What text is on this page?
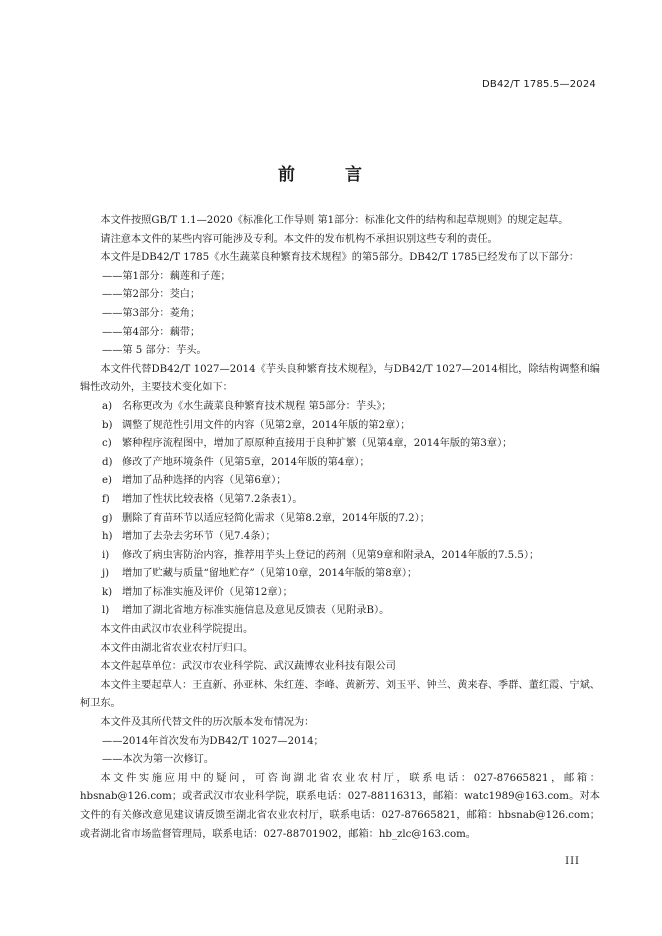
DB42/T 1785.5—2024
前 言

本文件按照GB/T 1.1—2020《标准化工作导则 第1部分：标准化文件的结构和起草规则》的规定起草。

请注意本文件的某些内容可能涉及专利。本文件的发布机构不承担识别这些专利的责任。

本文件是DB42/T 1785《水生蔬菜良种繁育技术规程》的第5部分。DB42/T 1785已经发布了以下部分：

——第1部分：藕莲和子莲；

——第2部分：茭白；

——第3部分：菱角；

——第4部分：藕带；

——第 5 部分：芋头。

本文件代替DB42/T 1027—2014《芋头良种繁育技术规程》，与DB42/T 1027—2014相比，除结构调整和编辑性改动外，主要技术变化如下：

a) 名称更改为《水生蔬菜良种繁育技术规程 第5部分：芋头》；

b) 调整了规范性引用文件的内容（见第2章，2014年版的第2章）；

c) 繁种程序流程图中，增加了原原种直接用于良种扩繁（见第4章，2014年版的第3章）；

d) 修改了产地环境条件（见第5章，2014年版的第4章）；

e) 增加了品种选择的内容（见第6章）；

f) 增加了性状比较表格（见第7.2条表1）。

g) 删除了育苗环节以适应轻简化需求（见第8.2章，2014年版的7.2）；

h) 增加了去杂去劣环节（见7.4条）；

i) 修改了病虫害防治内容，推荐用芋头上登记的药剂（见第9章和附录A，2014年版的7.5.5）；

j) 增加了贮藏与质量“留地贮存”（见第10章，2014年版的第8章）；

k) 增加了标准实施及评价（见第12章）；

l) 增加了湖北省地方标准实施信息及意见反馈表（见附录B）。

本文件由武汉市农业科学院提出。

本文件由湖北省农业农村厅归口。

本文件起草单位：武汉市农业科学院、武汉蔬博农业科技有限公司

本文件主要起草人：王直新、孙亚林、朱红莲、李峰、黄新芳、刘玉平、钟兰、黄来春、季群、董红霞、宁斌、柯卫东。

本文件及其所代替文件的历次版本发布情况为：

——2014年首次发布为DB42/T 1027—2014；

——本次为第一次修订。

本文件实施应用中的疑问，可咨询湖北省农业农村厅，联系电话：027-87665821，邮箱：hbsnab@126.com；或者武汉市农业科学院，联系电话：027-88116313，邮箱：watc1989@163.com。对本文件的有关修改意见建议请反馈至湖北省农业农村厅，联系电话：027-87665821，邮箱：hbsnab@126.com；或者湖北省市场监督管理局，联系电话：027-88701902，邮箱：hb_zlc@163.com。

III
